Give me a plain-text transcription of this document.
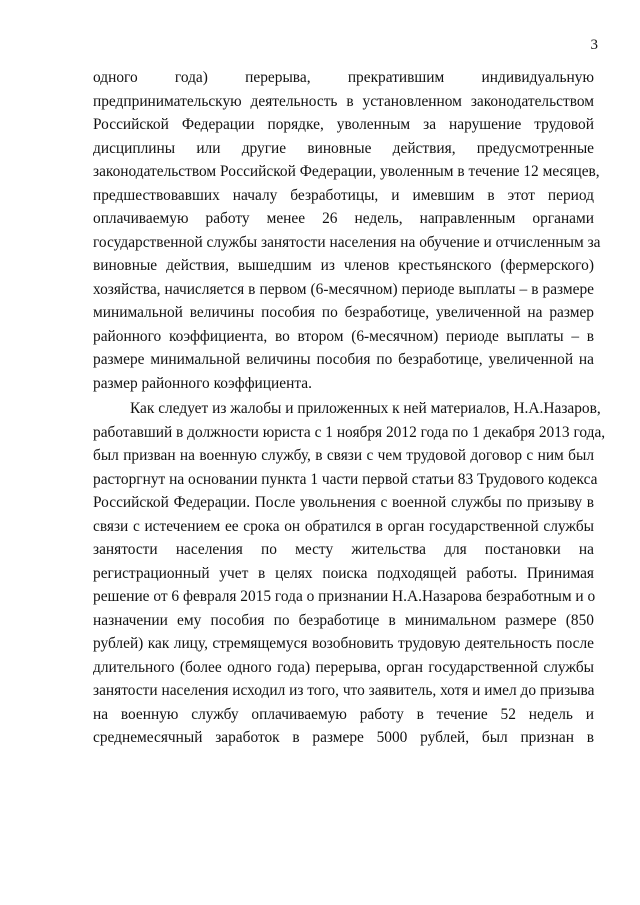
3
одного года) перерыва, прекратившим индивидуальную
предпринимательскую деятельность в установленном законодательством
Российской Федерации порядке, уволенным за нарушение трудовой
дисциплины или другие виновные действия, предусмотренные
законодательством Российской Федерации, уволенным в течение 12 месяцев,
предшествовавших началу безработицы, и имевшим в этот период
оплачиваемую работу менее 26 недель, направленным органами
государственной службы занятости населения на обучение и отчисленным за
виновные действия, вышедшим из членов крестьянского (фермерского)
хозяйства, начисляется в первом (6-месячном) периоде выплаты – в размере
минимальной величины пособия по безработице, увеличенной на размер
районного коэффициента, во втором (6-месячном) периоде выплаты – в
размере минимальной величины пособия по безработице, увеличенной на
размер районного коэффициента.
Как следует из жалобы и приложенных к ней материалов, Н.А.Назаров,
работавший в должности юриста с 1 ноября 2012 года по 1 декабря 2013 года,
был призван на военную службу, в связи с чем трудовой договор с ним был
расторгнут на основании пункта 1 части первой статьи 83 Трудового кодекса
Российской Федерации. После увольнения с военной службы по призыву в
связи с истечением ее срока он обратился в орган государственной службы
занятости населения по месту жительства для постановки на
регистрационный учет в целях поиска подходящей работы. Принимая
решение от 6 февраля 2015 года о признании Н.А.Назарова безработным и о
назначении ему пособия по безработице в минимальном размере (850
рублей) как лицу, стремящемуся возобновить трудовую деятельность после
длительного (более одного года) перерыва, орган государственной службы
занятости населения исходил из того, что заявитель, хотя и имел до призыва
на военную службу оплачиваемую работу в течение 52 недель и
среднемесячный заработок в размере 5000 рублей, был признан в
